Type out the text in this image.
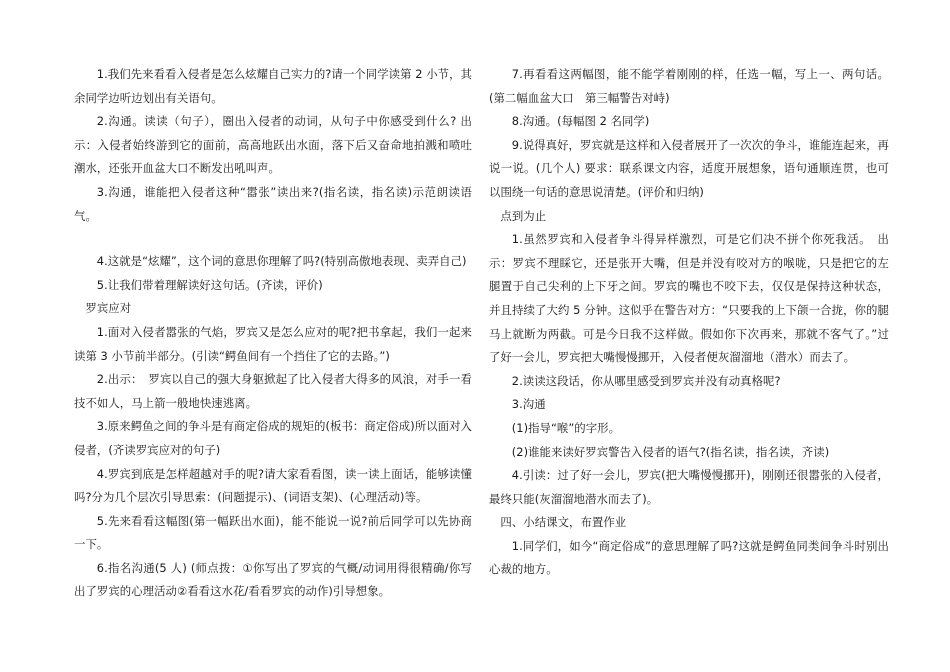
1.我们先来看看入侵者是怎么炫耀自己实力的?请一个同学读第 2 小节，其余同学边听边划出有关语句。

2.沟通。读读（句子），圈出入侵者的动词，从句子中你感受到什么? 出示：入侵者始终游到它的面前，高高地跃出水面，落下后又奋命地拍溅和喷吐潮水，还张开血盆大口不断发出吼叫声。

3.沟通，谁能把入侵者这种“嚣张”读出来?(指名读，指名读)示范朗读语气。

4.这就是“炫耀”，这个词的意思你理解了吗?(特别高傲地表现、卖弄自己)

5.让我们带着理解读好这句话。(齐读，评价)

罗宾应对

1.面对入侵者嚣张的气焰，罗宾又是怎么应对的呢?把书拿起，我们一起来读第 3 小节前半部分。(引读“鳄鱼间有一个挡住了它的去路。”)

2.出示：　罗宾以自己的强大身躯掀起了比入侵者大得多的风浪，对手一看技不如人，马上箭一般地快速逃离。

3.原来鳄鱼之间的争斗是有商定俗成的规矩的(板书：商定俗成)所以面对入侵者，(齐读罗宾应对的句子)

4.罗宾到底是怎样超越对手的呢?请大家看看图，读一读上面话，能够读懂吗?分为几个层次引导思索：(问题提示)、(词语支架)、(心理活动)等。

5.先来看看这幅图(第一幅跃出水面)，能不能说一说?前后同学可以先协商　一下。

6.指名沟通(5 人) (师点拨：①你写出了罗宾的气概/动词用得很精确/你写出了罗宾的心理活动②看看这水花/看看罗宾的动作)引导想象。

7.再看看这两幅图，能不能学着刚刚的样，任选一幅，写上一、两句话。 (第二幅血盆大口　第三幅警告对峙)

8.沟通。(每幅图 2 名同学)

9.说得真好，罗宾就是这样和入侵者展开了一次次的争斗，谁能连起来，再说一说。(几个人) 要求：联系课文内容，适度开展想象，语句通顺连贯，也可以围绕一句话的意思说清楚。(评价和归纳)

点到为止

1.虽然罗宾和入侵者争斗得异样激烈，可是它们决不拼个你死我活。　出示：罗宾不理睬它，还是张开大嘴，但是并没有咬对方的喉咙，只是把它的左腿置于自己尖利的上下牙之间。罗宾的嘴也不咬下去，仅仅是保持这种状态，并且持续了大约 5 分钟。这似乎在警告对方：“只要我的上下颌一合拢，你的腿马上就断为两截。可是今日我不这样做。假如你下次再来，那就不客气了。”过了好一会儿，罗宾把大嘴慢慢挪开，入侵者便灰溜溜地（潜水）而去了。

2.读读这段话，你从哪里感受到罗宾并没有动真格呢?

3.沟通

(1)指导“喉”的字形。

(2)谁能来读好罗宾警告入侵者的语气?(指名读，指名读，齐读)

4.引读：过了好一会儿，罗宾(把大嘴慢慢挪开)，刚刚还很嚣张的入侵者，最终只能(灰溜溜地潜水而去了)。

四、小结课文，布置作业

1.同学们，如今“商定俗成”的意思理解了吗?这就是鳄鱼同类间争斗时别出心裁的地方。
